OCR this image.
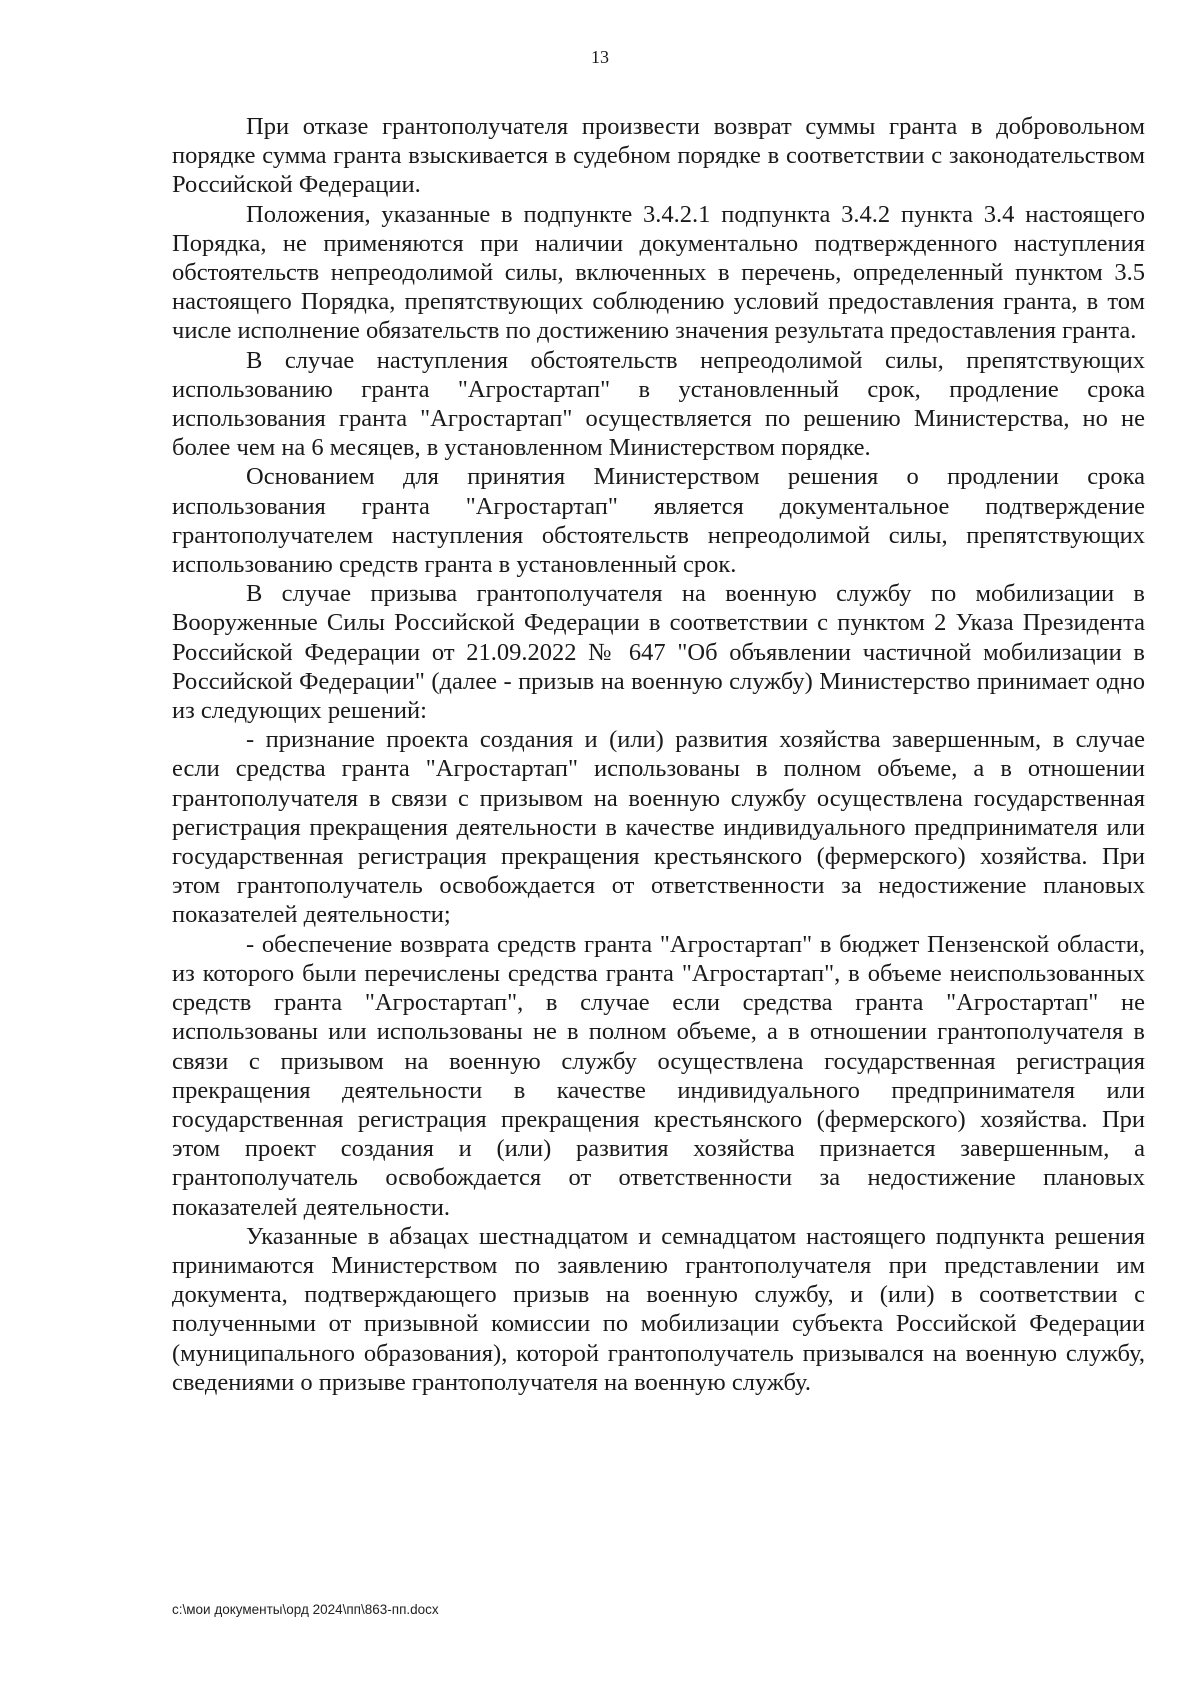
13

При отказе грантополучателя произвести возврат суммы гранта в добровольном порядке сумма гранта взыскивается в судебном порядке в соответствии с законодательством Российской Федерации.

Положения, указанные в подпункте 3.4.2.1 подпункта 3.4.2 пункта 3.4 настоящего Порядка, не применяются при наличии документально подтвержденного наступления обстоятельств непреодолимой силы, включенных в перечень, определенный пунктом 3.5 настоящего Порядка, препятствующих соблюдению условий предоставления гранта, в том числе исполнение обязательств по достижению значения результата предоставления гранта.

В случае наступления обстоятельств непреодолимой силы, препятствующих использованию гранта "Агростартап" в установленный срок, продление срока использования гранта "Агростартап" осуществляется по решению Министерства, но не более чем на 6 месяцев, в установленном Министерством порядке.

Основанием для принятия Министерством решения о продлении срока использования гранта "Агростартап" является документальное подтверждение грантополучателем наступления обстоятельств непреодолимой силы, препятствующих использованию средств гранта в установленный срок.

В случае призыва грантополучателя на военную службу по мобилизации в Вооруженные Силы Российской Федерации в соответствии с пунктом 2 Указа Президента Российской Федерации от 21.09.2022 № 647 "Об объявлении частичной мобилизации в Российской Федерации" (далее - призыв на военную службу) Министерство принимает одно из следующих решений:

- признание проекта создания и (или) развития хозяйства завершенным, в случае если средства гранта "Агростартап" использованы в полном объеме, а в отношении грантополучателя в связи с призывом на военную службу осуществлена государственная регистрация прекращения деятельности в качестве индивидуального предпринимателя или государственная регистрация прекращения крестьянского (фермерского) хозяйства. При этом грантополучатель освобождается от ответственности за недостижение плановых показателей деятельности;

- обеспечение возврата средств гранта "Агростартап" в бюджет Пензенской области, из которого были перечислены средства гранта "Агростартап", в объеме неиспользованных средств гранта "Агростартап", в случае если средства гранта "Агростартап" не использованы или использованы не в полном объеме, а в отношении грантополучателя в связи с призывом на военную службу осуществлена государственная регистрация прекращения деятельности в качестве индивидуального предпринимателя или государственная регистрация прекращения крестьянского (фермерского) хозяйства. При этом проект создания и (или) развития хозяйства признается завершенным, а грантополучатель освобождается от ответственности за недостижение плановых показателей деятельности.

Указанные в абзацах шестнадцатом и семнадцатом настоящего подпункта решения принимаются Министерством по заявлению грантополучателя при представлении им документа, подтверждающего призыв на военную службу, и (или) в соответствии с полученными от призывной комиссии по мобилизации субъекта Российской Федерации (муниципального образования), которой грантополучатель призывался на военную службу, сведениями о призыве грантополучателя на военную службу.

c:\мои документы\орд 2024\пп\863-пп.docx
